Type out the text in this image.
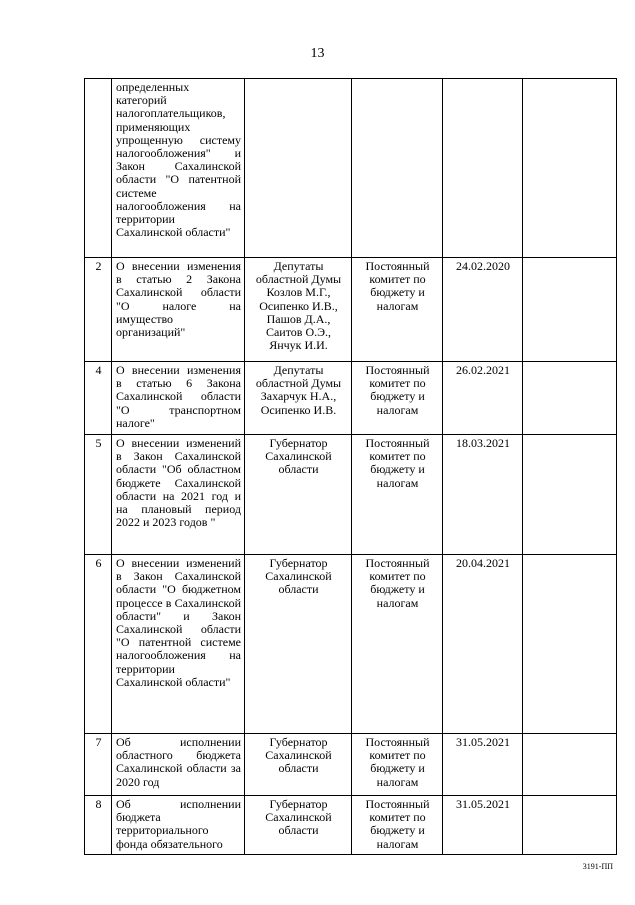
13
	определенных категорий налогоплательщиков, применяющих упрощенную систему налогообложения" и Закон Сахалинской области "О патентной системе налогообложения на территории Сахалинской области"				
2	О внесении изменения в статью 2 Закона Сахалинской области "О налоге на имущество организаций"	Депутаты областной Думы Козлов М.Г., Осипенко И.В., Пашов Д.А., Саитов О.Э., Янчук И.И.	Постоянный комитет по бюджету и налогам	24.02.2020	
4	О внесении изменения в статью 6 Закона Сахалинской области "О транспортном налоге"	Депутаты областной Думы Захарчук Н.А., Осипенко И.В.	Постоянный комитет по бюджету и налогам	26.02.2021	
5	О внесении изменений в Закон Сахалинской области "Об областном бюджете Сахалинской области на 2021 год и на плановый период 2022 и 2023 годов "	Губернатор Сахалинской области	Постоянный комитет по бюджету и налогам	18.03.2021	
6	О внесении изменений в Закон Сахалинской области "О бюджетном процессе в Сахалинской области" и Закон Сахалинской области "О патентной системе налогообложения на территории Сахалинской области"	Губернатор Сахалинской области	Постоянный комитет по бюджету и налогам	20.04.2021	
7	Об исполнении областного бюджета Сахалинской области за 2020 год	Губернатор Сахалинской области	Постоянный комитет по бюджету и налогам	31.05.2021	
8	Об исполнении бюджета территориального фонда обязательного	Губернатор Сахалинской области	Постоянный комитет по бюджету и налогам	31.05.2021	
3191-ПП
